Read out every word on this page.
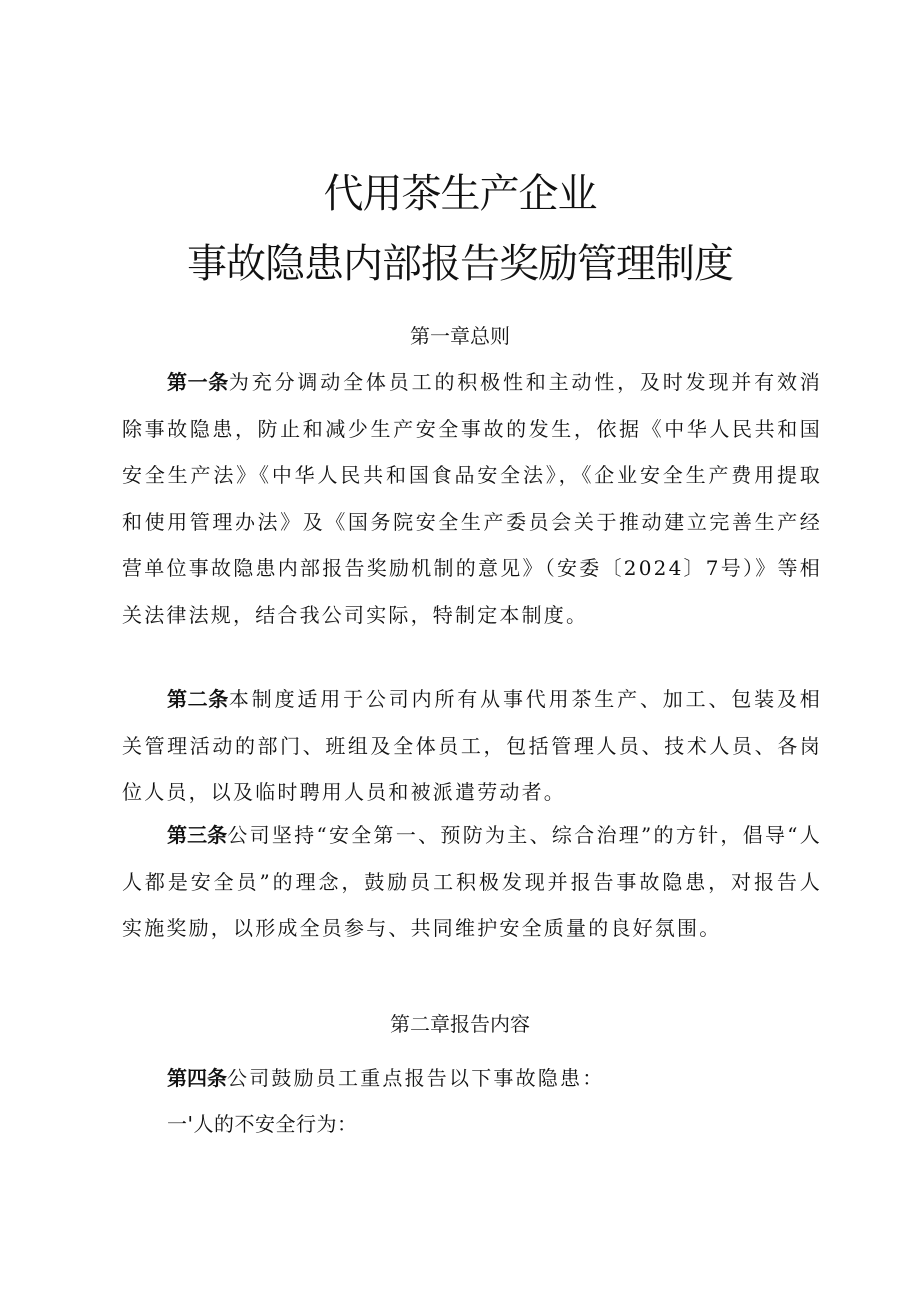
代用茶生产企业
事故隐患内部报告奖励管理制度
第一章总则
第一条为充分调动全体员工的积极性和主动性，及时发现并有效消除事故隐患，防止和减少生产安全事故的发生，依据《中华人民共和国安全生产法》《中华人民共和国食品安全法》，《企业安全生产费用提取和使用管理办法》及《国务院安全生产委员会关于推动建立完善生产经营单位事故隐患内部报告奖励机制的意见》（安委〔2024〕7号）》等相关法律法规，结合我公司实际，特制定本制度。
第二条本制度适用于公司内所有从事代用茶生产、加工、包装及相关管理活动的部门、班组及全体员工，包括管理人员、技术人员、各岗位人员，以及临时聘用人员和被派遣劳动者。
第三条公司坚持“安全第一、预防为主、综合治理”的方针，倡导“人人都是安全员”的理念，鼓励员工积极发现并报告事故隐患，对报告人实施奖励，以形成全员参与、共同维护安全质量的良好氛围。
第二章报告内容
第四条公司鼓励员工重点报告以下事故隐患：
一'人的不安全行为：
